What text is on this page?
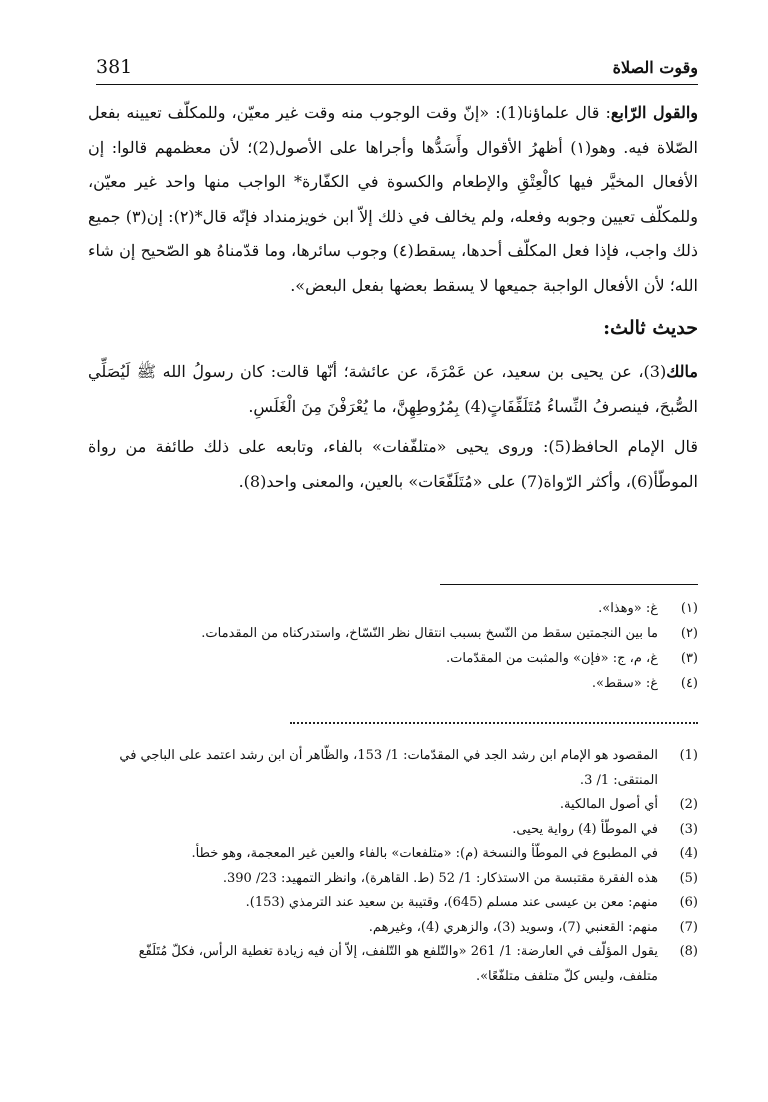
381	وقوت الصلاة

والقول الرّابع: قال علماؤنا(1): «إنّ وقت الوجوب منه وقت غير معيّن، وللمكلّف تعيينه بفعل الصّلاة فيه. وهو(١) أظهرُ الأقوال وأَسَدُّها وأجراها على الأصول(2)؛ لأن معظمهم قالوا: إن الأفعال المخيَّر فيها كالْعِتْقِ والإطعام والكسوة في الكفّارة* الواجب منها واحد غير معيّن، وللمكلّف تعيين وجوبه وفعله، ولم يخالف في ذلك إلاّ ابن خويزمنداد فإنّه قال*(٢): إن(٣) جميع ذلك واجب، فإذا فعل المكلّف أحدها، يسقط(٤) وجوب سائرها، وما قدّمناهُ هو الصّحيح إن شاء الله؛ لأن الأفعال الواجبة جميعها لا يسقط بعضها بفعل البعض».

حديث ثالث:

مالك(3)، عن يحيى بن سعيد، عن عَمْرَةَ، عن عائشة؛ أنّها قالت: كان رسولُ الله ﷺ لَيُصَلِّي الصُّبحَ، فينصرفُ النِّساءُ مُتَلَفِّفَاتٍ(4) بِمُرُوطِهِنَّ، ما يُعْرَفْنَ مِنَ الْغَلَسِ.

قال الإمام الحافظ(5): وروى يحيى «متلفّفات» بالفاء، وتابعه على ذلك طائفة من رواة الموطّأ(6)، وأكثر الرّواة(7) على «مُتَلَفّعَات» بالعين، والمعنى واحد(8).

(١)
غ: «وهذا».
(٢)
ما بين النجمتين سقط من النّسخ بسبب انتقال نظر النّسّاخ، واستدركناه من المقدمات.
(٣)
غ، م، ج: «فإن» والمثبت من المقدّمات.
(٤)
غ: «سقط».
(1)
المقصود هو الإمام ابن رشد الجد في المقدّمات: 1/ 153، والظّاهر أن ابن رشد اعتمد على الباجي في المنتقى: 1/ 3.
(2)
أي أصول المالكية.
(3)
في الموطّأ (4) رواية يحيى.
(4)
في المطبوع في الموطّأ والنسخة (م): «متلفعات» بالفاء والعين غير المعجمة، وهو خطأ.
(5)
هذه الفقرة مقتبسة من الاستذكار: 1/ 52 (ط. القاهرة)، وانظر التمهيد: 23/ 390.
(6)
منهم: معن بن عيسى عند مسلم (645)، وقتيبة بن سعيد عند الترمذي (153).
(7)
منهم: القعنبي (7)، وسويد (3)، والزهري (4)، وغيرهم.
(8)
يقول المؤلّف في العارضة: 1/ 261 «والتّلفع هو التّلفف، إلاّ أن فيه زيادة تغطية الرأس، فكلّ مُتَلَفّع متلفف، وليس كلّ متلفف متلفّعًا».
